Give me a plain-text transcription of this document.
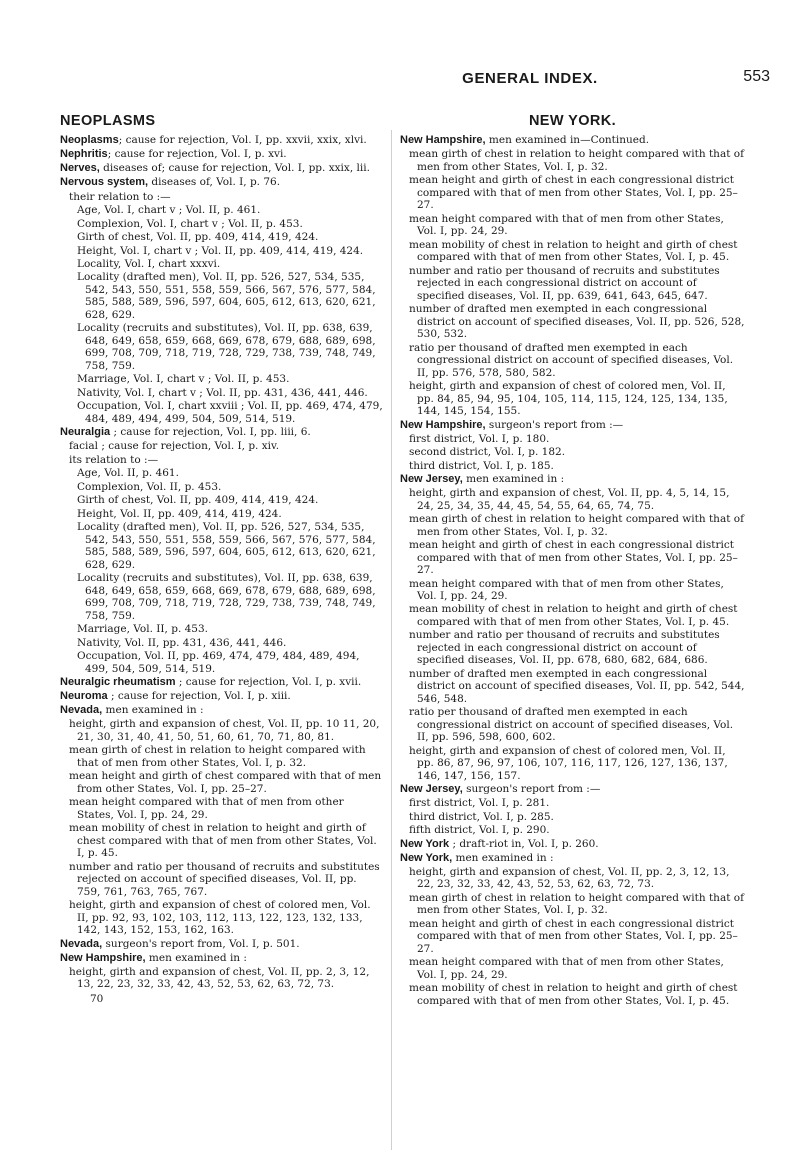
GENERAL INDEX.	553
NEOPLASMS
Neoplasms; cause for rejection, Vol. I, pp. xxvii, xxix, xlvi.
Nephritis; cause for rejection, Vol. I, p. xvi.
Nerves, diseases of; cause for rejection, Vol. I, pp. xxix, lii.
Nervous system, diseases of, Vol. I, p. 76.
their relation to :—
Age, Vol. I, chart v ; Vol. II, p. 461.
Complexion, Vol. I, chart v ; Vol. II, p. 453.
Girth of chest, Vol. II, pp. 409, 414, 419, 424.
Height, Vol. I, chart v ; Vol. II, pp. 409, 414, 419, 424.
Locality, Vol. I, chart xxxvi.
Locality (drafted men), Vol. II, pp. 526, 527, 534, 535, 542, 543, 550, 551, 558, 559, 566, 567, 576, 577, 584, 585, 588, 589, 596, 597, 604, 605, 612, 613, 620, 621, 628, 629.
Locality (recruits and substitutes), Vol. II, pp. 638, 639, 648, 649, 658, 659, 668, 669, 678, 679, 688, 689, 698, 699, 708, 709, 718, 719, 728, 729, 738, 739, 748, 749, 758, 759.
Marriage, Vol. I, chart v ; Vol. II, p. 453.
Nativity, Vol. I, chart v ; Vol. II, pp. 431, 436, 441, 446.
Occupation, Vol. I, chart xxviii ; Vol. II, pp. 469, 474, 479, 484, 489, 494, 499, 504, 509, 514, 519.
Neuralgia ; cause for rejection, Vol. I, pp. liii, 6.
facial ; cause for rejection, Vol. I, p. xiv.
its relation to :—
Age, Vol. II, p. 461.
Complexion, Vol. II, p. 453.
Girth of chest, Vol. II, pp. 409, 414, 419, 424.
Height, Vol. II, pp. 409, 414, 419, 424.
Locality (drafted men), Vol. II, pp. 526, 527, 534, 535, 542, 543, 550, 551, 558, 559, 566, 567, 576, 577, 584, 585, 588, 589, 596, 597, 604, 605, 612, 613, 620, 621, 628, 629.
Locality (recruits and substitutes), Vol. II, pp. 638, 639, 648, 649, 658, 659, 668, 669, 678, 679, 688, 689, 698, 699, 708, 709, 718, 719, 728, 729, 738, 739, 748, 749, 758, 759.
Marriage, Vol. II, p. 453.
Nativity, Vol. II, pp. 431, 436, 441, 446.
Occupation, Vol. II, pp. 469, 474, 479, 484, 489, 494, 499, 504, 509, 514, 519.
Neuralgic rheumatism ; cause for rejection, Vol. I, p. xvii.
Neuroma ; cause for rejection, Vol. I, p. xiii.
Nevada, men examined in :
height, girth and expansion of chest, Vol. II, pp. 10 11, 20, 21, 30, 31, 40, 41, 50, 51, 60, 61, 70, 71, 80, 81.
mean girth of chest in relation to height compared with that of men from other States, Vol. I, p. 32.
mean height and girth of chest compared with that of men from other States, Vol. I, pp. 25–27.
mean height compared with that of men from other States, Vol. I, pp. 24, 29.
mean mobility of chest in relation to height and girth of chest compared with that of men from other States, Vol. I, p. 45.
number and ratio per thousand of recruits and substitutes rejected on account of specified diseases, Vol. II, pp. 759, 761, 763, 765, 767.
height, girth and expansion of chest of colored men, Vol. II, pp. 92, 93, 102, 103, 112, 113, 122, 123, 132, 133, 142, 143, 152, 153, 162, 163.
Nevada, surgeon's report from, Vol. I, p. 501.
New Hampshire, men examined in :
height, girth and expansion of chest, Vol. II, pp. 2, 3, 12, 13, 22, 23, 32, 33, 42, 43, 52, 53, 62, 63, 72, 73.
70
NEW YORK.
New Hampshire, men examined in—Continued.
mean girth of chest in relation to height compared with that of men from other States, Vol. I, p. 32.
mean height and girth of chest in each congressional district compared with that of men from other States, Vol. I, pp. 25–27.
mean height compared with that of men from other States, Vol. I, pp. 24, 29.
mean mobility of chest in relation to height and girth of chest compared with that of men from other States, Vol. I, p. 45.
number and ratio per thousand of recruits and substitutes rejected in each congressional district on account of specified diseases, Vol. II, pp. 639, 641, 643, 645, 647.
number of drafted men exempted in each congressional district on account of specified diseases, Vol. II, pp. 526, 528, 530, 532.
ratio per thousand of drafted men exempted in each congressional district on account of specified diseases, Vol. II, pp. 576, 578, 580, 582.
height, girth and expansion of chest of colored men, Vol. II, pp. 84, 85, 94, 95, 104, 105, 114, 115, 124, 125, 134, 135, 144, 145, 154, 155.
New Hampshire, surgeon's report from :—
first district, Vol. I, p. 180.
second district, Vol. I, p. 182.
third district, Vol. I, p. 185.
New Jersey, men examined in :
height, girth and expansion of chest, Vol. II, pp. 4, 5, 14, 15, 24, 25, 34, 35, 44, 45, 54, 55, 64, 65, 74, 75.
mean girth of chest in relation to height compared with that of men from other States, Vol. I, p. 32.
mean height and girth of chest in each congressional district compared with that of men from other States, Vol. I, pp. 25–27.
mean height compared with that of men from other States, Vol. I, pp. 24, 29.
mean mobility of chest in relation to height and girth of chest compared with that of men from other States, Vol. I, p. 45.
number and ratio per thousand of recruits and substitutes rejected in each congressional district on account of specified diseases, Vol. II, pp. 678, 680, 682, 684, 686.
number of drafted men exempted in each congressional district on account of specified diseases, Vol. II, pp. 542, 544, 546, 548.
ratio per thousand of drafted men exempted in each congressional district on account of specified diseases, Vol. II, pp. 596, 598, 600, 602.
height, girth and expansion of chest of colored men, Vol. II, pp. 86, 87, 96, 97, 106, 107, 116, 117, 126, 127, 136, 137, 146, 147, 156, 157.
New Jersey, surgeon's report from :—
first district, Vol. I, p. 281.
third district, Vol. I, p. 285.
fifth district, Vol. I, p. 290.
New York ; draft-riot in, Vol. I, p. 260.
New York, men examined in :
height, girth and expansion of chest, Vol. II, pp. 2, 3, 12, 13, 22, 23, 32, 33, 42, 43, 52, 53, 62, 63, 72, 73.
mean girth of chest in relation to height compared with that of men from other States, Vol. I, p. 32.
mean height and girth of chest in each congressional district compared with that of men from other States, Vol. I, pp. 25–27.
mean height compared with that of men from other States, Vol. I, pp. 24, 29.
mean mobility of chest in relation to height and girth of chest compared with that of men from other States, Vol. I, p. 45.
